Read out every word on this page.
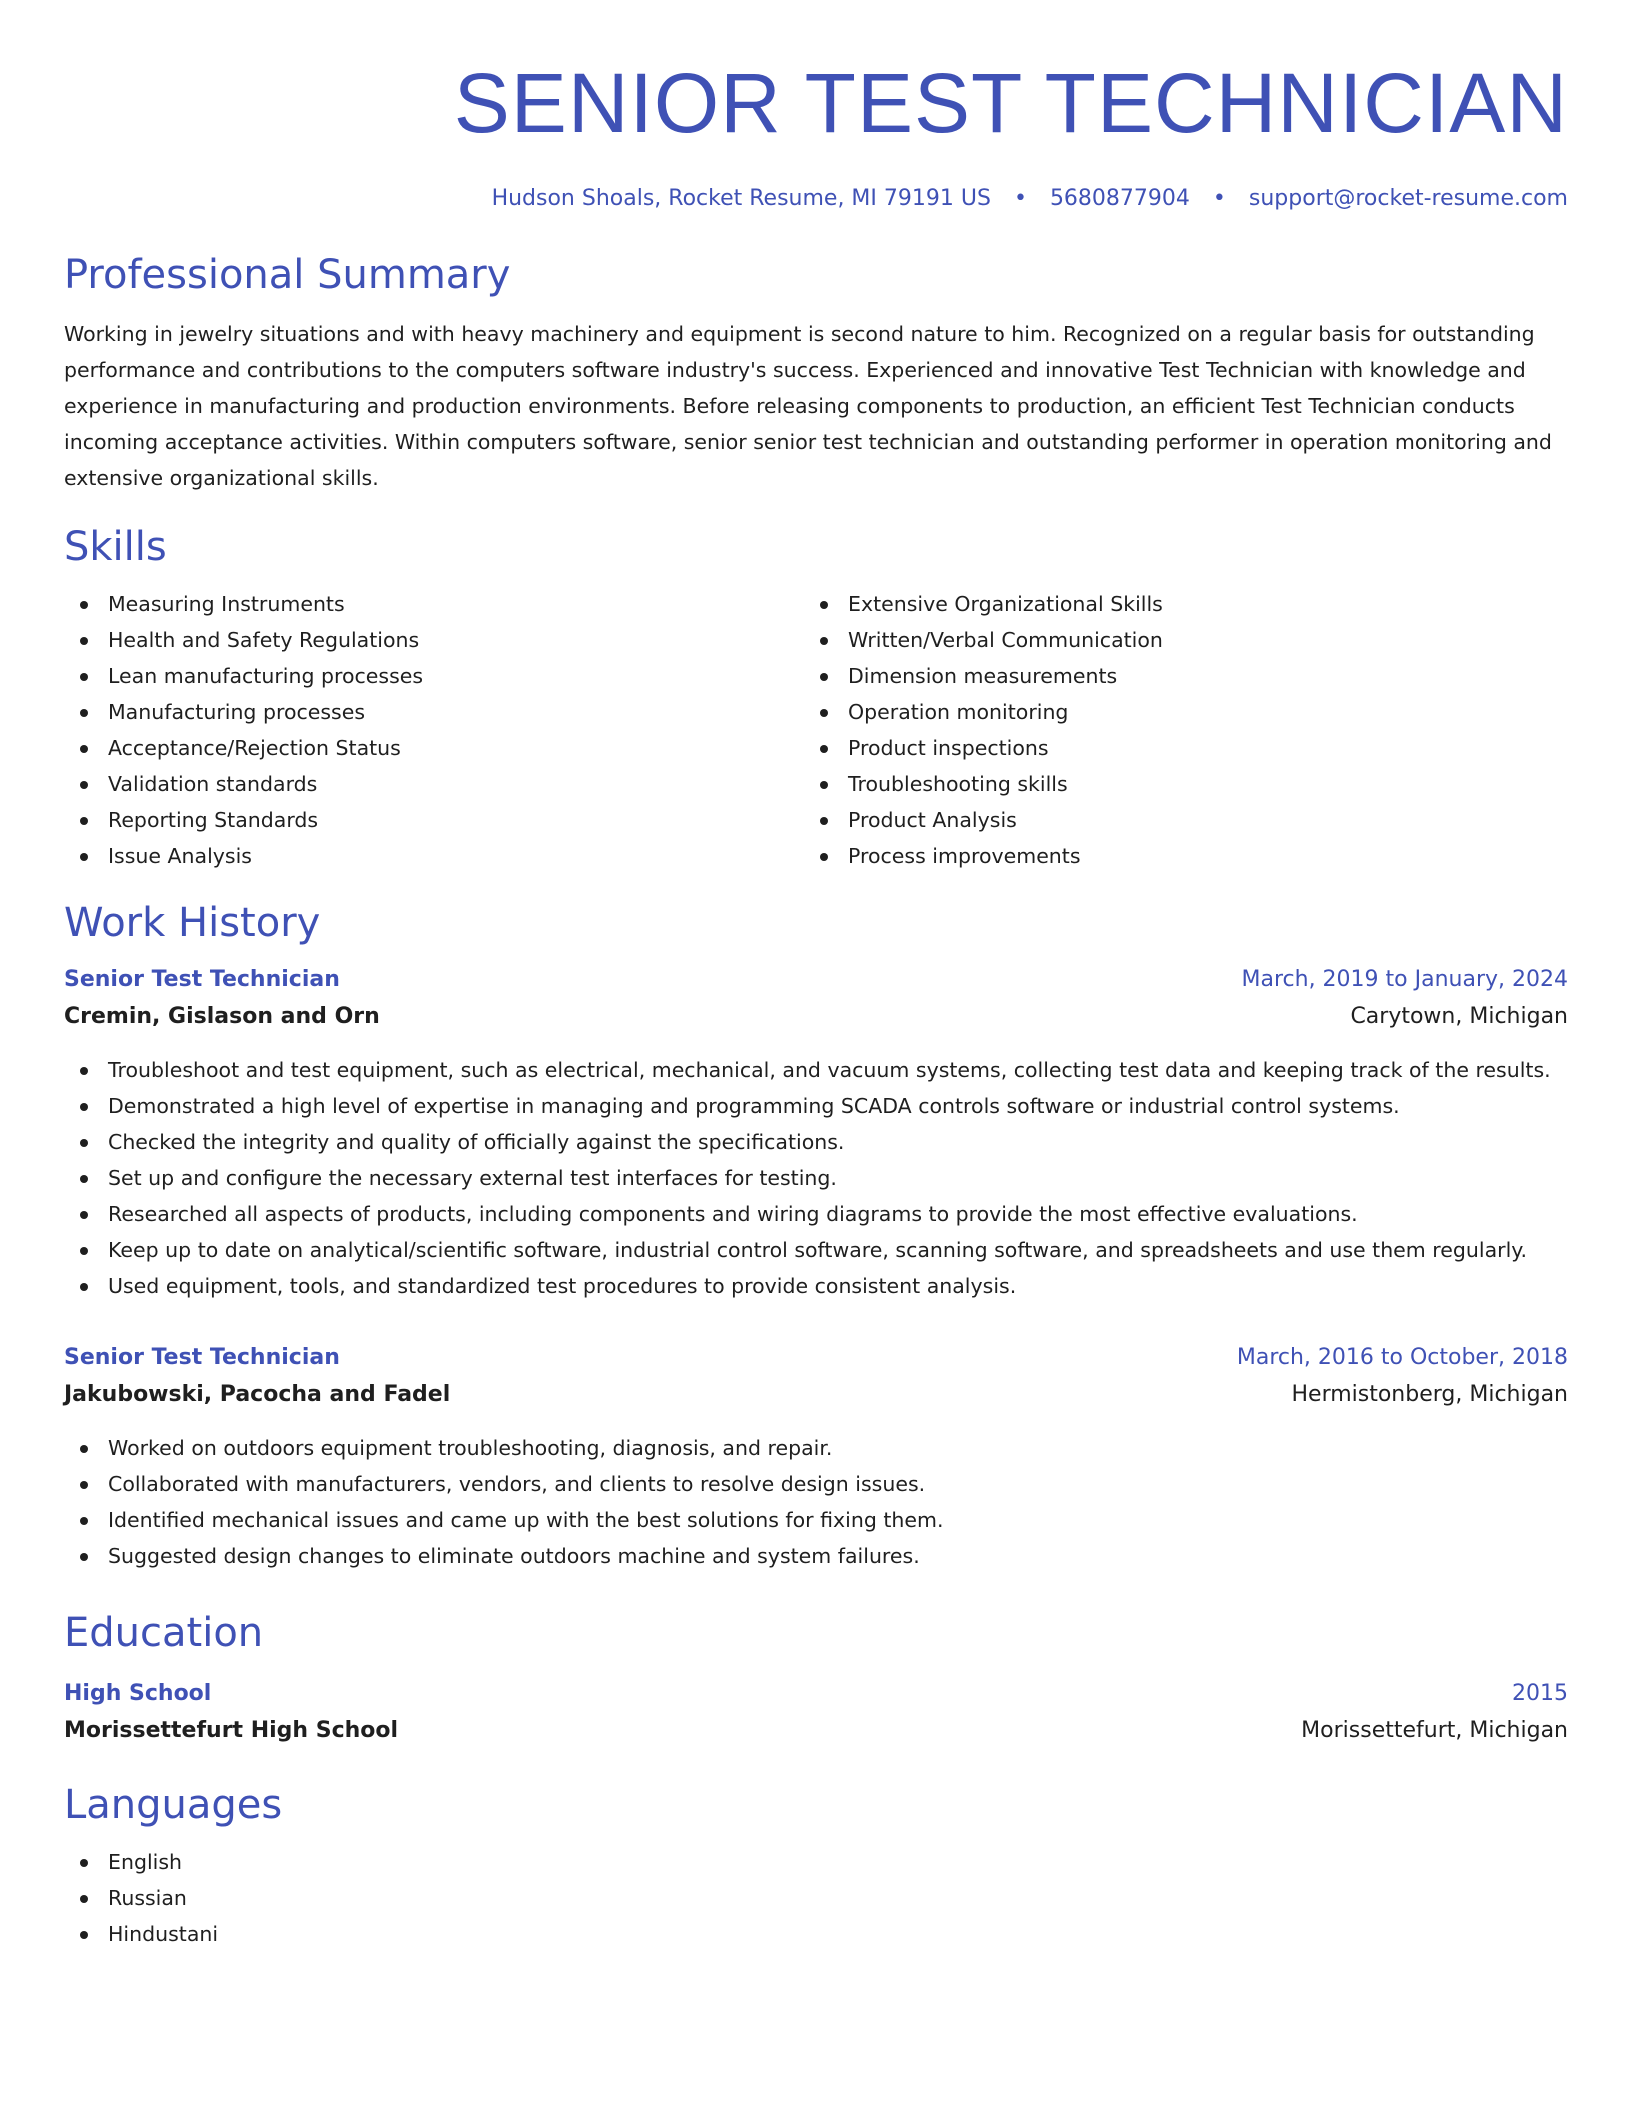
SENIOR TEST TECHNICIAN
Hudson Shoals, Rocket Resume, MI 79191 US • 5680877904 • support@rocket-resume.com
Professional Summary

Working in jewelry situations and with heavy machinery and equipment is second nature to him. Recognized on a regular basis for outstanding performance and contributions to the computers software industry's success. Experienced and innovative Test Technician with knowledge and experience in manufacturing and production environments. Before releasing components to production, an efficient Test Technician conducts incoming acceptance activities. Within computers software, senior senior test technician and outstanding performer in operation monitoring and extensive organizational skills.

Skills
Measuring Instruments
Health and Safety Regulations
Lean manufacturing processes
Manufacturing processes
Acceptance/Rejection Status
Validation standards
Reporting Standards
Issue Analysis
Extensive Organizational Skills
Written/Verbal Communication
Dimension measurements
Operation monitoring
Product inspections
Troubleshooting skills
Product Analysis
Process improvements
Work History
Senior Test Technician	March, 2019 to January, 2024
Cremin, Gislason and Orn	Carytown, Michigan
Troubleshoot and test equipment, such as electrical, mechanical, and vacuum systems, collecting test data and keeping track of the results.
Demonstrated a high level of expertise in managing and programming SCADA controls software or industrial control systems.
Checked the integrity and quality of officially against the specifications.
Set up and configure the necessary external test interfaces for testing.
Researched all aspects of products, including components and wiring diagrams to provide the most effective evaluations.
Keep up to date on analytical/scientific software, industrial control software, scanning software, and spreadsheets and use them regularly.
Used equipment, tools, and standardized test procedures to provide consistent analysis.
Senior Test Technician	March, 2016 to October, 2018
Jakubowski, Pacocha and Fadel	Hermistonberg, Michigan
Worked on outdoors equipment troubleshooting, diagnosis, and repair.
Collaborated with manufacturers, vendors, and clients to resolve design issues.
Identified mechanical issues and came up with the best solutions for fixing them.
Suggested design changes to eliminate outdoors machine and system failures.
Education
High School	2015
Morissettefurt High School	Morissettefurt, Michigan
Languages
English
Russian
Hindustani
